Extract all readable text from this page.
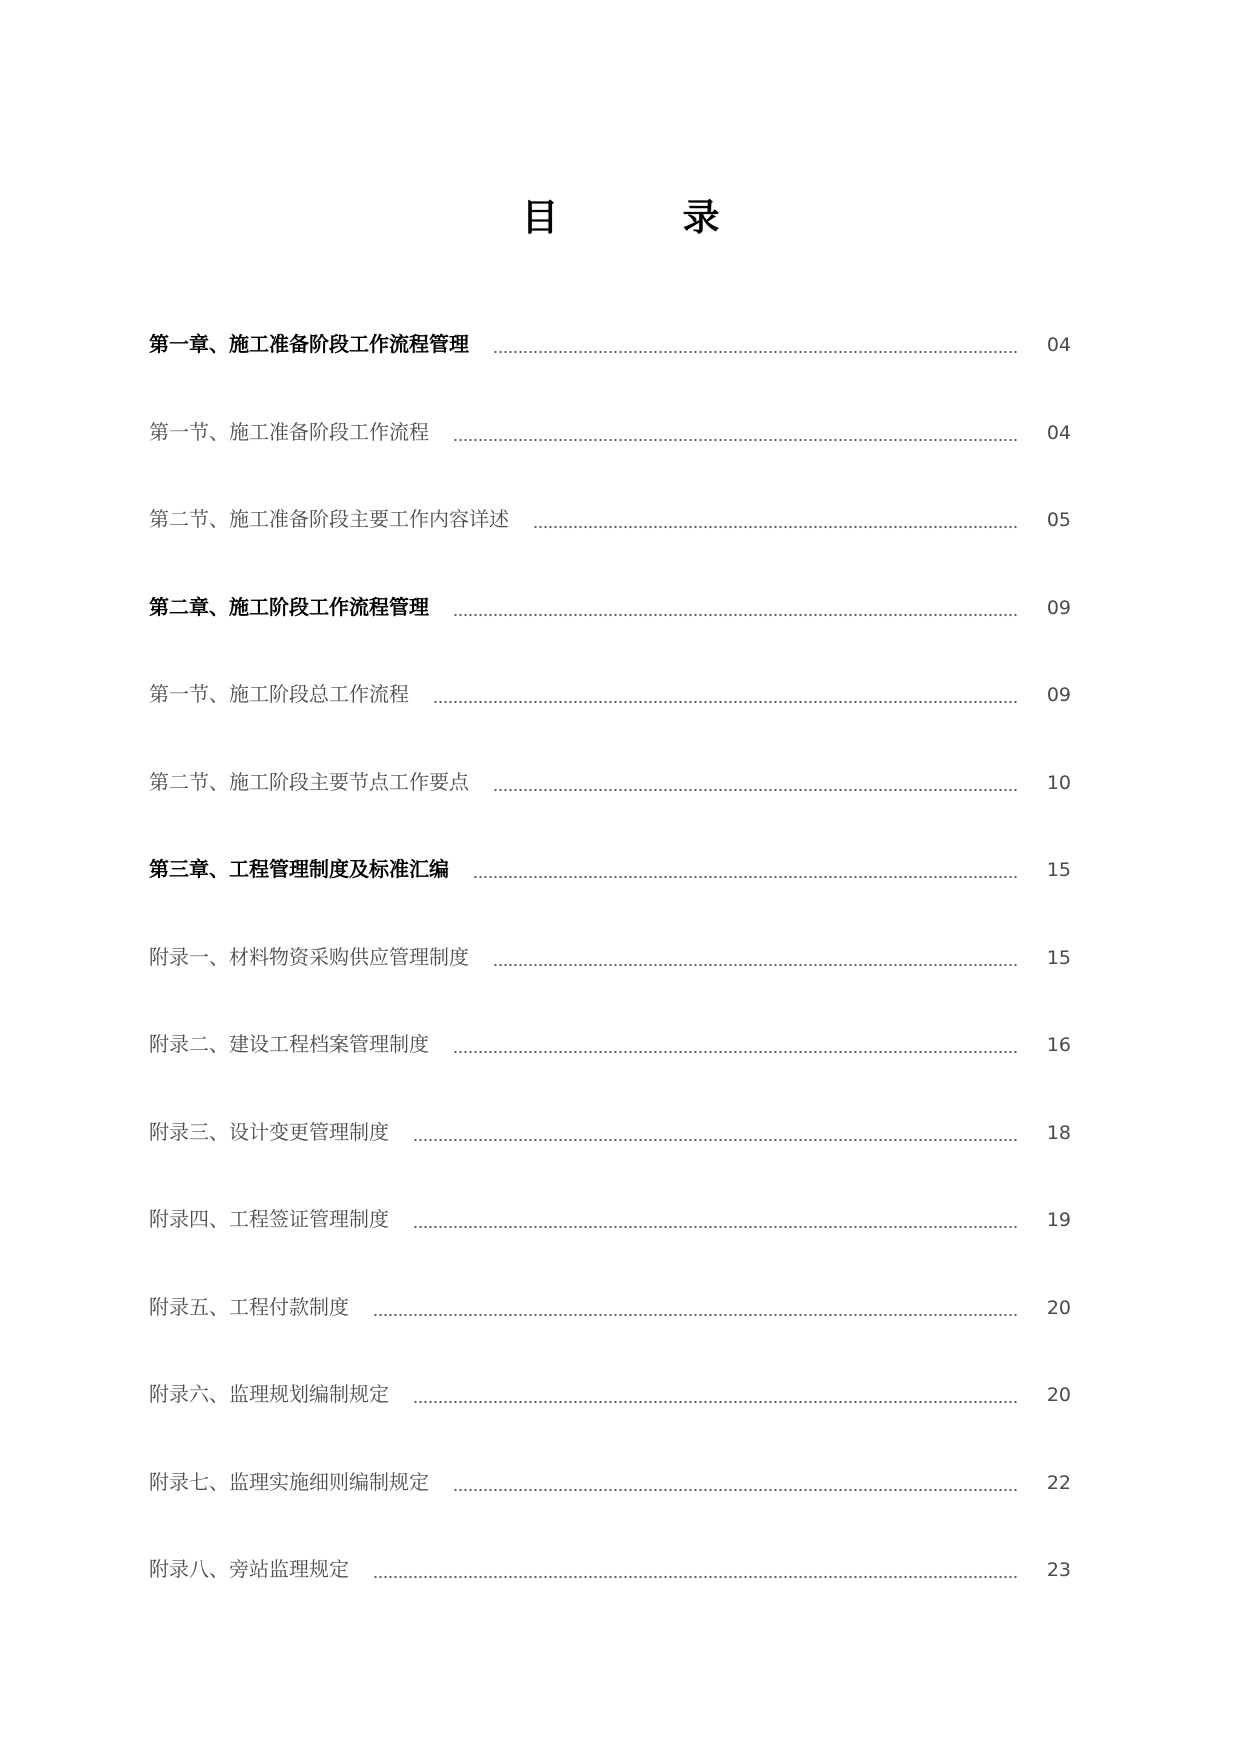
目录
第一章、施工准备阶段工作流程管理	04
第一节、施工准备阶段工作流程	04
第二节、施工准备阶段主要工作内容详述	05
第二章、施工阶段工作流程管理	09
第一节、施工阶段总工作流程	09
第二节、施工阶段主要节点工作要点	10
第三章、工程管理制度及标准汇编	15
附录一、材料物资采购供应管理制度	15
附录二、建设工程档案管理制度	16
附录三、设计变更管理制度	18
附录四、工程签证管理制度	19
附录五、工程付款制度	20
附录六、监理规划编制规定	20
附录七、监理实施细则编制规定	22
附录八、旁站监理规定	23
